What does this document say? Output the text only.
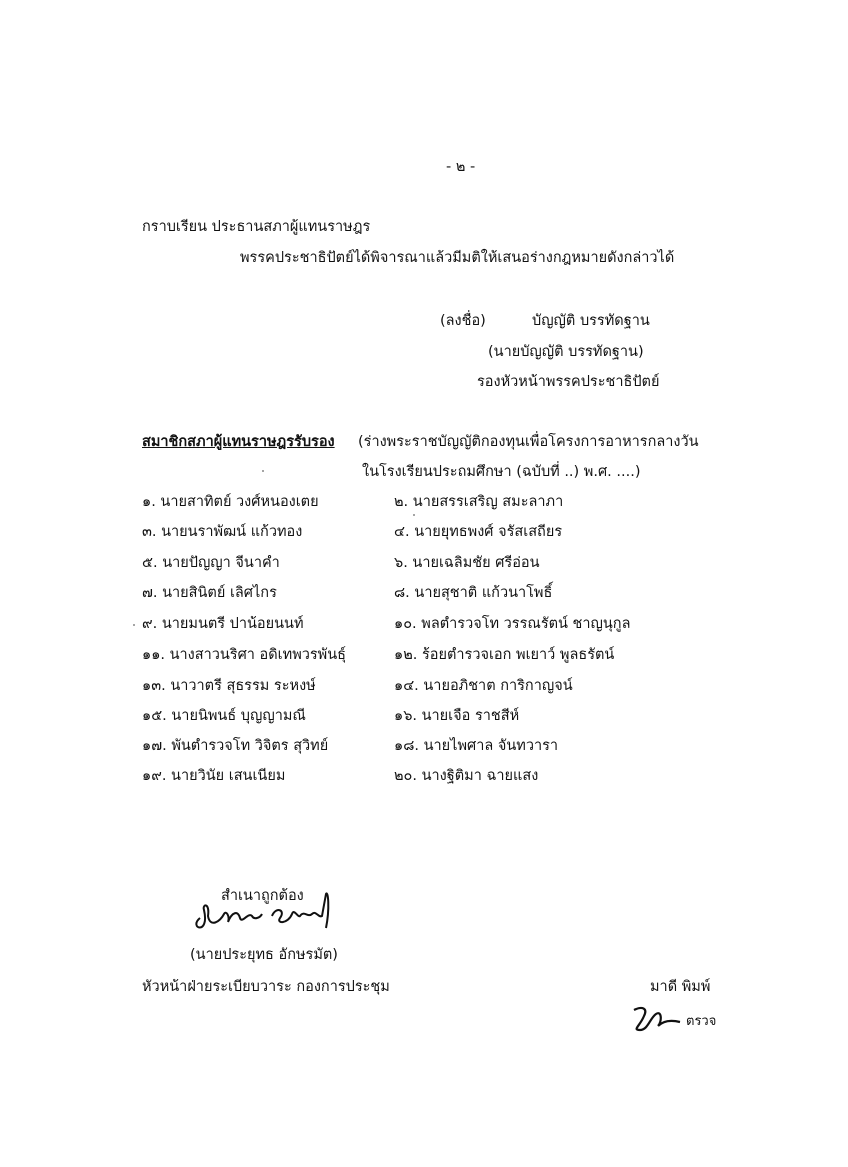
- ๒ -
กราบเรียน ประธานสภาผู้แทนราษฎร
พรรคประชาธิปัตย์ได้พิจารณาแล้วมีมติให้เสนอร่างกฎหมายดังกล่าวได้
(ลงชื่อ)	บัญญัติ บรรทัดฐาน
(นายบัญญัติ บรรทัดฐาน)
รองหัวหน้าพรรคประชาธิปัตย์
สมาชิกสภาผู้แทนราษฎรรับรอง (ร่างพระราชบัญญัติกองทุนเพื่อโครงการอาหารกลางวัน
ในโรงเรียนประถมศึกษา (ฉบับที่ ..) พ.ศ. ....)
๑. นายสาทิตย์ วงศ์หนองเตย	๒. นายสรรเสริญ สมะลาภา
๓. นายนราพัฒน์ แก้วทอง	๔. นายยุทธพงศ์ จรัสเสถียร
๕. นายปัญญา จีนาคำ	๖. นายเฉลิมชัย ศรีอ่อน
๗. นายสินิตย์ เลิศไกร	๘. นายสุชาติ แก้วนาโพธิ์
๙. นายมนตรี ปาน้อยนนท์	๑๐. พลตำรวจโท วรรณรัตน์ ชาญนุกูล
๑๑. นางสาวนริศา อดิเทพวรพันธุ์	๑๒. ร้อยตำรวจเอก พเยาว์ พูลธรัตน์
๑๓. นาวาตรี สุธรรม ระหงษ์	๑๔. นายอภิชาต การิกาญจน์
๑๕. นายนิพนธ์ บุญญามณี	๑๖. นายเจือ ราชสีห์
๑๗. พันตำรวจโท วิจิตร สุวิทย์	๑๘. นายไพศาล จันทวารา
๑๙. นายวินัย เสนเนียม	๒๐. นางฐิติมา ฉายแสง
สำเนาถูกต้อง
(นายประยุทธ อักษรมัต)
หัวหน้าฝ่ายระเบียบวาระ กองการประชุม	มาดี พิมพ์
ตรวจ
